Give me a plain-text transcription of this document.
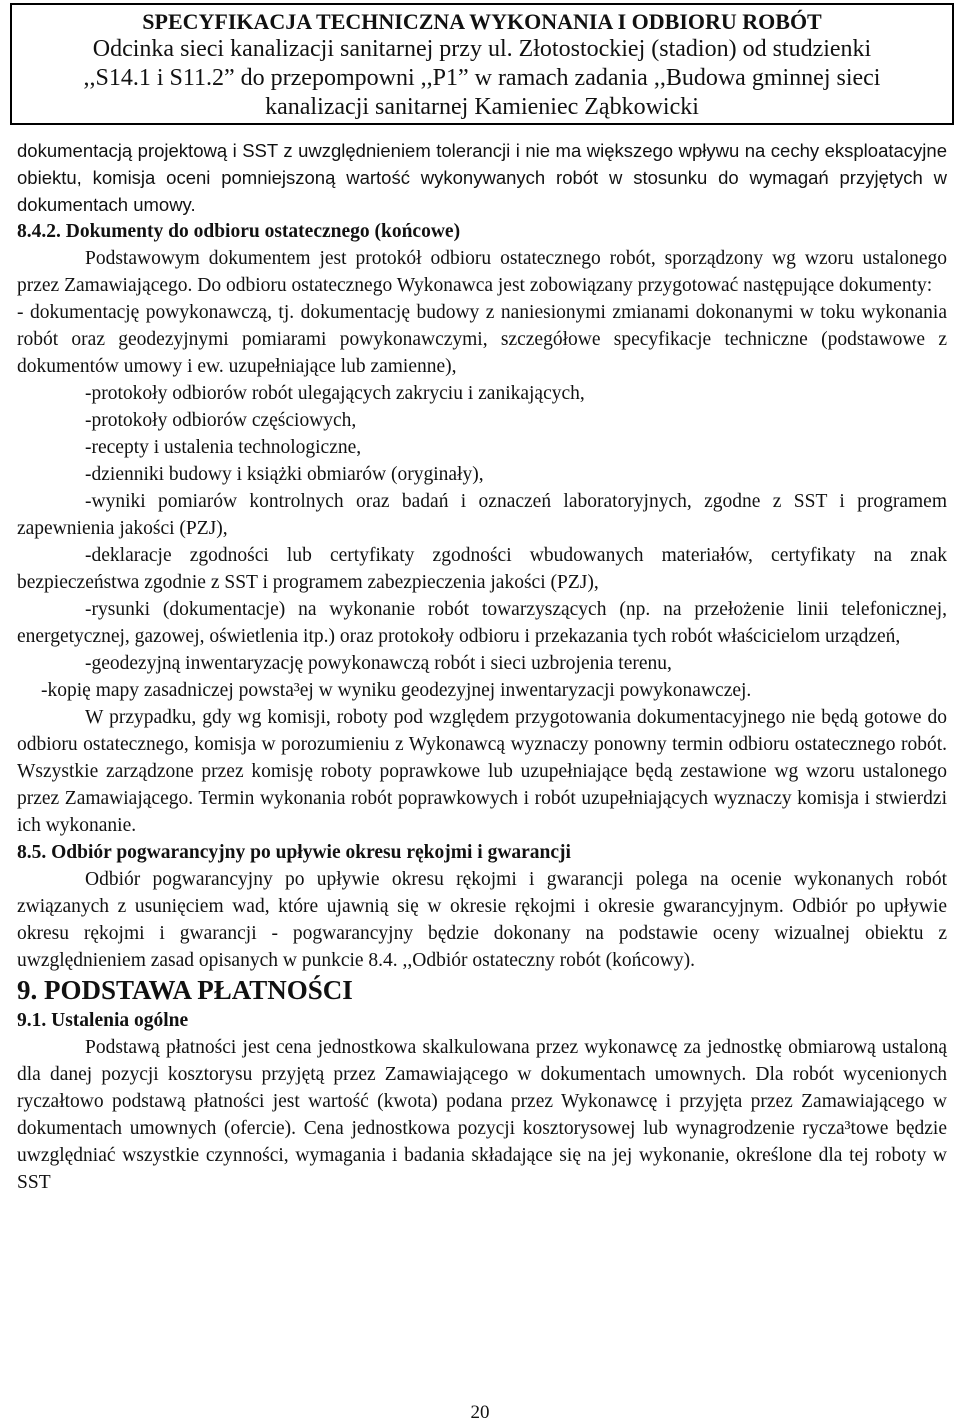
SPECYFIKACJA TECHNICZNA WYKONANIA I ODBIORU ROBÓT
Odcinka sieci kanalizacji sanitarnej przy ul. Złotostockiej (stadion) od studzienki
,,S14.1 i S11.2” do przepompowni ,,P1” w ramach zadania ,,Budowa gminnej sieci
kanalizacji sanitarnej Kamieniec Ząbkowicki

dokumentacją projektową i SST z uwzględnieniem tolerancji i nie ma większego wpływu na cechy eksploatacyjne obiektu, komisja oceni pomniejszoną wartość wykonywanych robót w stosunku do wymagań przyjętych w dokumentach umowy.

8.4.2. Dokumenty do odbioru ostatecznego (końcowe)

Podstawowym dokumentem jest protokół odbioru ostatecznego robót, sporządzony wg wzoru ustalonego przez Zamawiającego. Do odbioru ostatecznego Wykonawca jest zobowiązany przygotować następujące dokumenty:

- dokumentację powykonawczą, tj. dokumentację budowy z naniesionymi zmianami dokonanymi w toku wykonania robót oraz geodezyjnymi pomiarami powykonawczymi, szczegółowe specyfikacje techniczne (podstawowe z dokumentów umowy i ew. uzupełniające lub zamienne),

-protokoły odbiorów robót ulegających zakryciu i zanikających,

-protokoły odbiorów częściowych,

-recepty i ustalenia technologiczne,

-dzienniki budowy i książki obmiarów (oryginały),

-wyniki pomiarów kontrolnych oraz badań i oznaczeń laboratoryjnych, zgodne z SST i programem zapewnienia jakości (PZJ),

-deklaracje zgodności lub certyfikaty zgodności wbudowanych materiałów, certyfikaty na znak bezpieczeństwa zgodnie z SST i programem zabezpieczenia jakości (PZJ),

-rysunki (dokumentacje) na wykonanie robót towarzyszących (np. na przełożenie linii telefonicznej, energetycznej, gazowej, oświetlenia itp.) oraz protokoły odbioru i przekazania tych robót właścicielom urządzeń,

-geodezyjną inwentaryzację powykonawczą robót i sieci uzbrojenia terenu,

-kopię mapy zasadniczej powsta³ej w wyniku geodezyjnej inwentaryzacji powykonawczej.

W przypadku, gdy wg komisji, roboty pod względem przygotowania dokumentacyjnego nie będą gotowe do odbioru ostatecznego, komisja w porozumieniu z Wykonawcą wyznaczy ponowny termin odbioru ostatecznego robót. Wszystkie zarządzone przez komisję roboty poprawkowe lub uzupełniające będą zestawione wg wzoru ustalonego przez Zamawiającego. Termin wykonania robót poprawkowych i robót uzupełniających wyznaczy komisja i stwierdzi ich wykonanie.

8.5. Odbiór pogwarancyjny po upływie okresu rękojmi i gwarancji

Odbiór pogwarancyjny po upływie okresu rękojmi i gwarancji polega na ocenie wykonanych robót związanych z usunięciem wad, które ujawnią się w okresie rękojmi i okresie gwarancyjnym. Odbiór po upływie okresu rękojmi i gwarancji - pogwarancyjny będzie dokonany na podstawie oceny wizualnej obiektu z uwzględnieniem zasad opisanych w punkcie 8.4. ,,Odbiór ostateczny robót (końcowy).

9. PODSTAWA PŁATNOŚCI

9.1. Ustalenia ogólne

Podstawą płatności jest cena jednostkowa skalkulowana przez wykonawcę za jednostkę obmiarową ustaloną dla danej pozycji kosztorysu przyjętą przez Zamawiającego w dokumentach umownych. Dla robót wycenionych ryczałtowo podstawą płatności jest wartość (kwota) podana przez Wykonawcę i przyjęta przez Zamawiającego w dokumentach umownych (ofercie). Cena jednostkowa pozycji kosztorysowej lub wynagrodzenie rycza³towe będzie uwzględniać wszystkie czynności, wymagania i badania składające się na jej wykonanie, określone dla tej roboty w SST

20
